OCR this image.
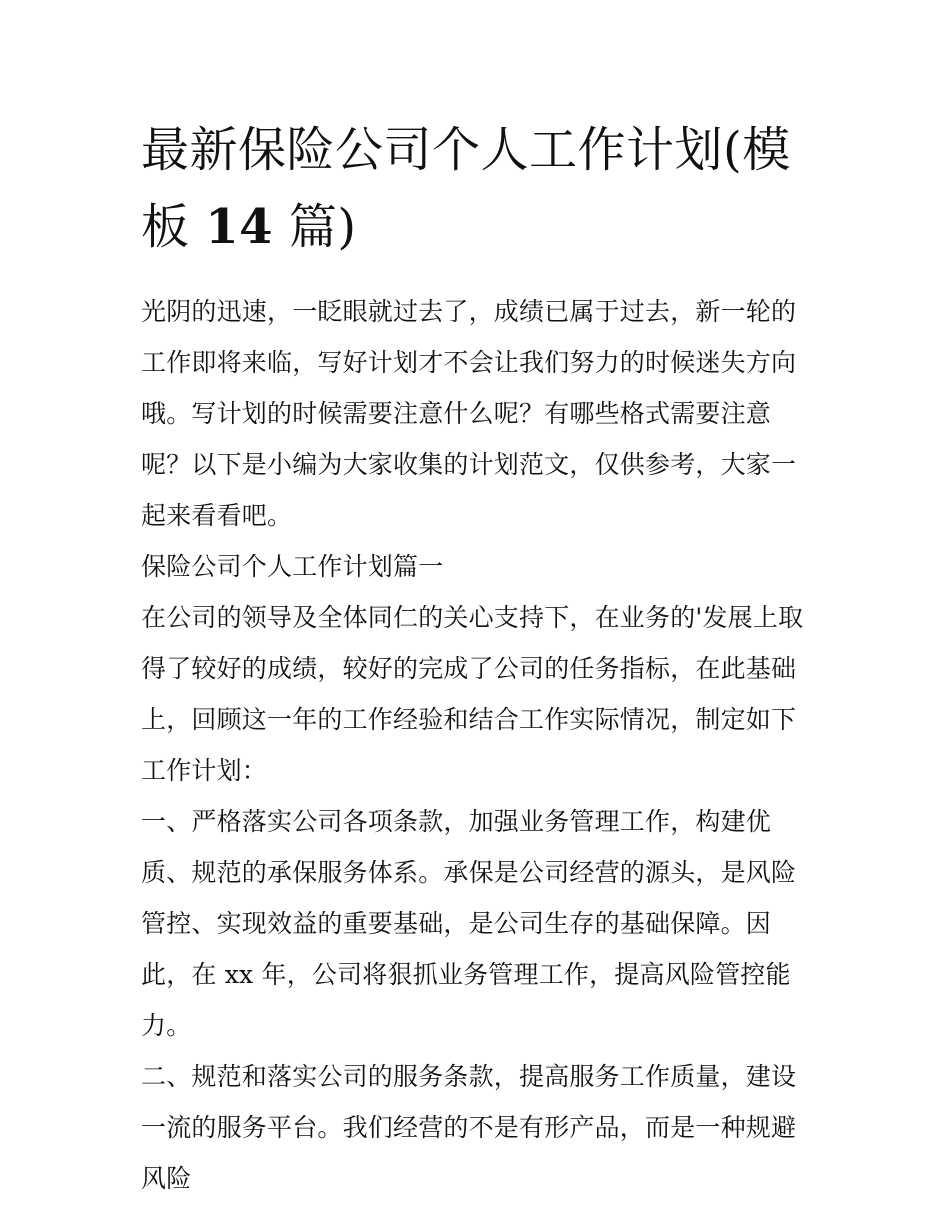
最新保险公司个人工作计划(模
板 14 篇)

光阴的迅速，一眨眼就过去了，成绩已属于过去，新一轮的工作即将来临，写好计划才不会让我们努力的时候迷失方向哦。写计划的时候需要注意什么呢？有哪些格式需要注意呢？以下是小编为大家收集的计划范文，仅供参考，大家一起来看看吧。

保险公司个人工作计划篇一

在公司的领导及全体同仁的关心支持下，在业务的'发展上取得了较好的成绩，较好的完成了公司的任务指标，在此基础上，回顾这一年的工作经验和结合工作实际情况，制定如下工作计划：

一、严格落实公司各项条款，加强业务管理工作，构建优质、规范的承保服务体系。承保是公司经营的源头，是风险管控、实现效益的重要基础，是公司生存的基础保障。因此，在 xx 年，公司将狠抓业务管理工作，提高风险管控能力。

二、规范和落实公司的服务条款，提高服务工作质量，建设一流的服务平台。我们经营的不是有形产品，而是一种规避风险
